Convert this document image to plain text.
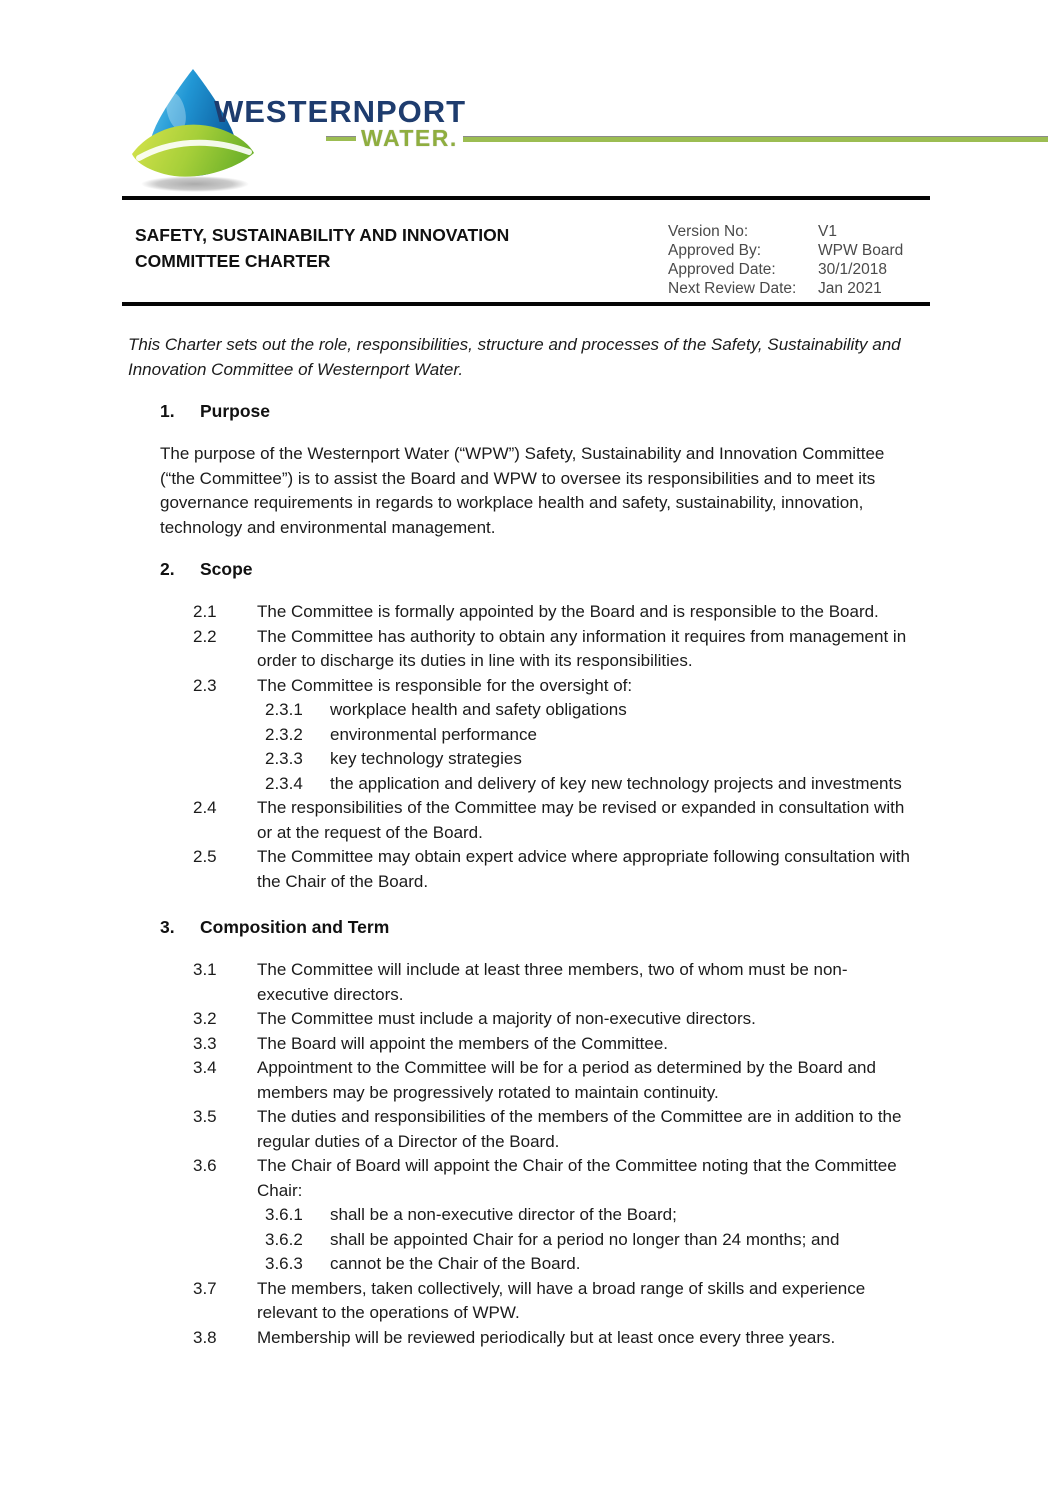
WESTERNPORT
WATER.
SAFETY, SUSTAINABILITY AND INNOVATION
COMMITTEE CHARTER
Version No:	V1
Approved By:	WPW Board
Approved Date:	30/1/2018
Next Review Date:	Jan 2021

This Charter sets out the role, responsibilities, structure and processes of the Safety, Sustainability and Innovation Committee of Westernport Water.

1.	Purpose

The purpose of the Westernport Water (“WPW”) Safety, Sustainability and Innovation Committee (“the Committee”) is to assist the Board and WPW to oversee its responsibilities and to meet its governance requirements in regards to workplace health and safety, sustainability, innovation, technology and environmental management.

2.	Scope
2.1	The Committee is formally appointed by the Board and is responsible to the Board.
2.2	The Committee has authority to obtain any information it requires from management in order to discharge its duties in line with its responsibilities.
2.3	The Committee is responsible for the oversight of:
2.3.1	workplace health and safety obligations
2.3.2	environmental performance
2.3.3	key technology strategies
2.3.4	the application and delivery of key new technology projects and investments
2.4	The responsibilities of the Committee may be revised or expanded in consultation with or at the request of the Board.
2.5	The Committee may obtain expert advice where appropriate following consultation with the Chair of the Board.
3.	Composition and Term
3.1	The Committee will include at least three members, two of whom must be non-executive directors.
3.2	The Committee must include a majority of non-executive directors.
3.3	The Board will appoint the members of the Committee.
3.4	Appointment to the Committee will be for a period as determined by the Board and members may be progressively rotated to maintain continuity.
3.5	The duties and responsibilities of the members of the Committee are in addition to the regular duties of a Director of the Board.
3.6	The Chair of Board will appoint the Chair of the Committee noting that the Committee Chair:
3.6.1	shall be a non-executive director of the Board;
3.6.2	shall be appointed Chair for a period no longer than 24 months; and
3.6.3	cannot be the Chair of the Board.
3.7	The members, taken collectively, will have a broad range of skills and experience relevant to the operations of WPW.
3.8	Membership will be reviewed periodically but at least once every three years.
